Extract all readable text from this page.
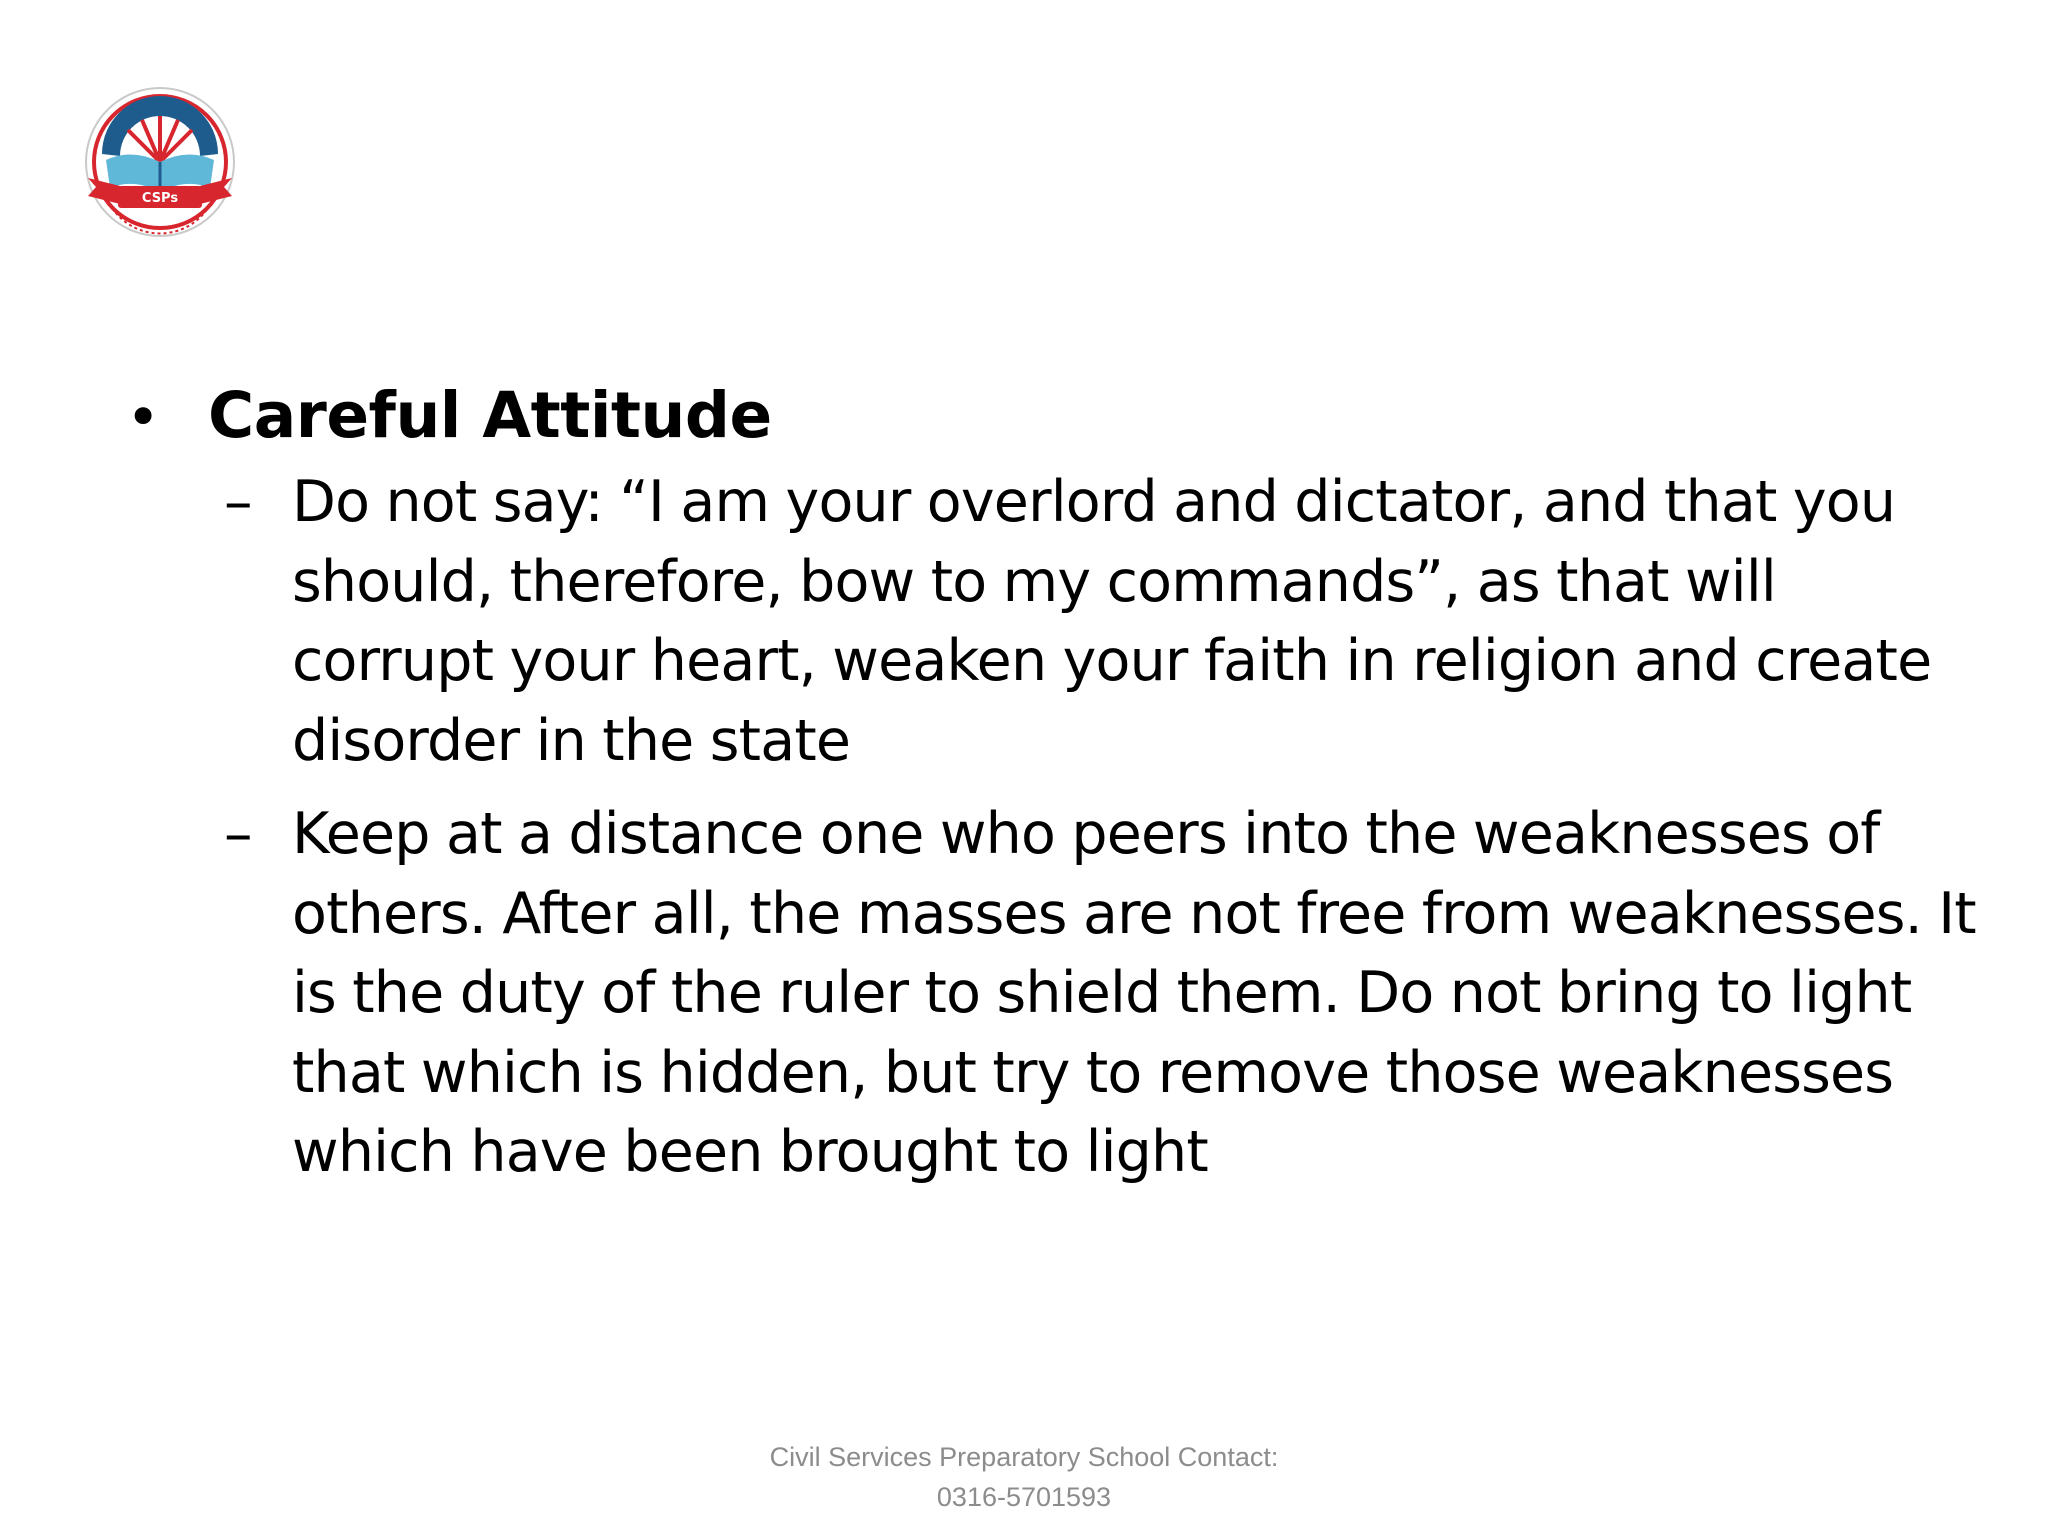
CSPs
• Careful Attitude
– Do not say: “I am your overlord and dictator, and that you should, therefore, bow to my commands”, as that will corrupt your heart, weaken your faith in religion and create disorder in the state

– Keep at a distance one who peers into the weaknesses of others. After all, the masses are not free from weaknesses. It is the duty of the ruler to shield them. Do not bring to light that which is hidden, but try to remove those weaknesses which have been brought to light

Civil Services Preparatory School Contact:
0316-5701593
